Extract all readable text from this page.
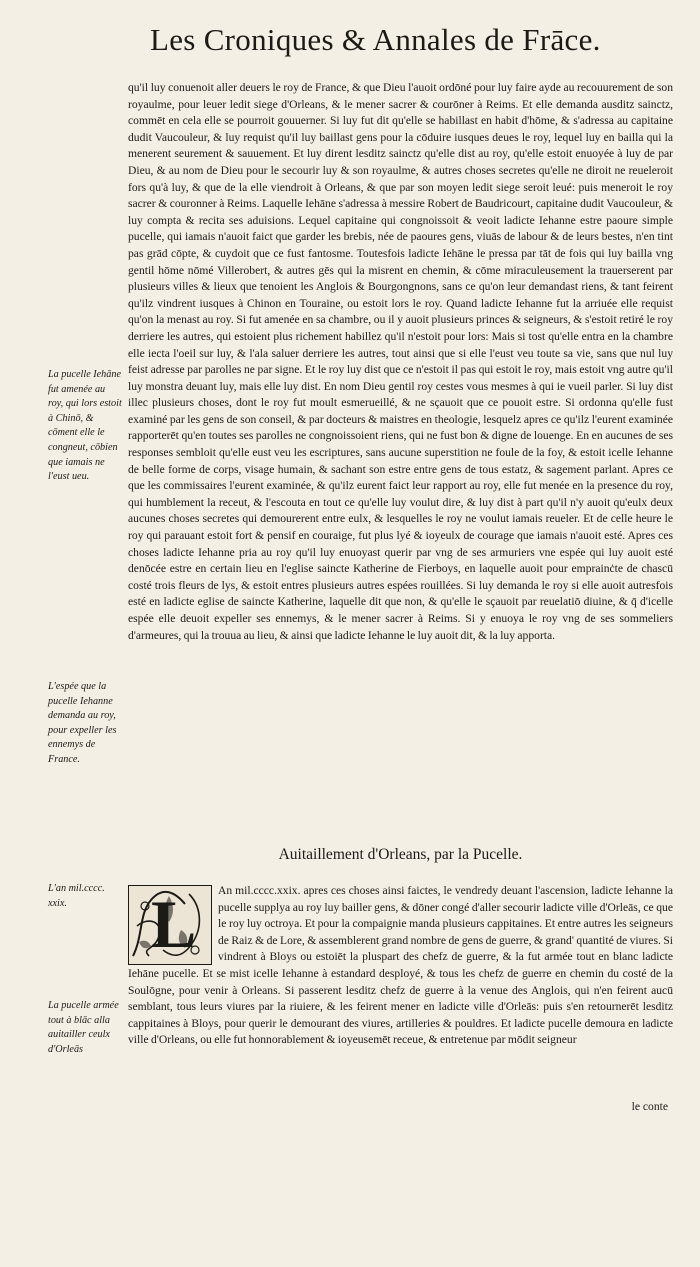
Les Croniques & Annales de Frāce.

qu'il luy conuenoit aller deuers le roy de France, & que Dieu l'auoit ordōné pour luy faire ayde au recouurement de son royaulme, pour leuer ledit siege d'Orleans, & le mener sacrer & courōner à Reims. Et elle demanda ausditz sainctz, commēt en cela elle se pourroit gouuerner. Si luy fut dit qu'elle se habillast en habit d'hōme, & s'adressa au capitaine dudit Vaucouleur, & luy requist qu'il luy baillast gens pour la cōduire iusques deues le roy, lequel luy en bailla qui la menerent seurement & sauuement. Et luy dirent lesditz sainctz qu'elle dist au roy, qu'elle estoit enuoyée à luy de par Dieu, & au nom de Dieu pour le secourir luy & son royaulme, & autres choses secretes qu'elle ne diroit ne reueleroit fors qu'à luy, & que de la elle viendroit à Orleans, & que par son moyen ledit siege seroit leué: puis meneroit le roy sacrer & couronner à Reims. Laquelle Iehāne s'adressa à messire Robert de Baudricourt, capitaine dudit Vaucouleur, & luy compta & recita ses aduisions. Lequel capitaine qui congnoissoit & veoit ladicte Iehanne estre paoure simple pucelle, qui iamais n'auoit faict que garder les brebis, née de paoures gens, viuās de labour & de leurs bestes, n'en tint pas grād cōpte, & cuydoit que ce fust fantosme. Toutesfois ladicte Iehāne le pressa par tāt de fois qui luy bailla vng gentil hōme nōmé Villerobert, & autres gēs qui la misrent en chemin, & cōme miraculeusement la trauerserent par plusieurs villes & lieux que tenoient les Anglois & Bourgongnons, sans ce qu'on leur demandast riens, & tant feirent qu'ilz vindrent iusques à Chinon en Touraine, ou estoit lors le roy. Quand ladicte Iehanne fut la arriuée elle requist qu'on la menast au roy. Si fut amenée en sa chambre, ou il y auoit plusieurs princes & seigneurs, & s'estoit retiré le roy derriere les autres, qui estoient plus richement habillez qu'il n'estoit pour lors: Mais si tost qu'elle entra en la chambre elle iecta l'oeil sur luy, & l'ala saluer derriere les autres, tout ainsi que si elle l'eust veu toute sa vie, sans que nul luy feist adresse par parolles ne par signe. Et le roy luy dist que ce n'estoit il pas qui estoit le roy, mais estoit vng autre qu'il luy monstra deuant luy, mais elle luy dist. En nom Dieu gentil roy cestes vous mesmes à qui ie vueil parler. Si luy dist illec plusieurs choses, dont le roy fut moult esmerueillé, & ne sçauoit que ce pouoit estre. Si ordonna qu'elle fust examiné par les gens de son conseil, & par docteurs & maistres en theologie, lesquelz apres ce qu'ilz l'eurent examinée rapporterēt qu'en toutes ses parolles ne congnoissoient riens, qui ne fust bon & digne de louenge. En en aucunes de ses responses sembloit qu'elle eust veu les escriptures, sans aucune superstition ne foule de la foy, & estoit icelle Iehanne de belle forme de corps, visage humain, & sachant son estre entre gens de tous estatz, & sagement parlant. Apres ce que les commissaires l'eurent examinée, & qu'ilz eurent faict leur rapport au roy, elle fut menée en la presence du roy, qui humblement la receut, & l'escouta en tout ce qu'elle luy voulut dire, & luy dist à part qu'il n'y auoit qu'eulx deux aucunes choses secretes qui demourerent entre eulx, & lesquelles le roy ne voulut iamais reueler. Et de celle heure le roy qui parauant estoit fort & pensif en couraige, fut plus lyé & ioyeulx de courage que iamais n'auoit esté. Apres ces choses ladicte Iehanne pria au roy qu'il luy enuoyast querir par vng de ses armuriers vne espée qui luy auoit esté denōcée estre en certain lieu en l'eglise saincte Katherine de Fierboys, en laquelle auoit pour emprainċte de chascū costé trois fleurs de lys, & estoit entres plusieurs autres espées rouillées. Si luy demanda le roy si elle auoit autresfois esté en ladicte eglise de saincte Katherine, laquelle dit que non, & qu'elle le sçauoit par reuelatiō diuine, & q̄ d'icelle espée elle deuoit expeller ses ennemys, & le mener sacrer à Reims. Si y enuoya le roy vng de ses sommeliers d'armeures, qui la trouua au lieu, & ainsi que ladicte Iehanne le luy auoit dit, & la luy apporta.

La pucelle Iehāne fut amenée au roy, qui lors estoit à Chinō, & cōment elle le congneut, cōbien que iamais ne l'eust ueu.
L'espée que la pucelle Iehanne demanda au roy, pour expeller les ennemys de France.
Auitaillement d'Orleans, par la Pucelle.
L'an mil.cccc. xxix.
La pucelle armée tout à blāc alla auitailler ceulx d'Orleās
L	An mil.cccc.xxix. apres ces choses ainsi faictes, le vendredy deuant l'ascension, ladicte Iehanne la pucelle supplya au roy luy bailler gens, & dōner congé d'aller secourir ladicte ville d'Orleās, ce que le roy luy octroya. Et pour la compaignie manda plusieurs cappitaines. Et entre autres les seigneurs de Raiz & de Lore, & assemblerent grand nombre de gens de guerre, & grand' quantité de viures. Si vindrent à Bloys ou estoiēt la pluspart des chefz de guerre, & la fut armée tout en blanc ladicte Iehāne pucelle. Et se mist icelle Iehanne à estandard desployé, & tous les chefz de guerre en chemin du costé de la Soulōgne, pour venir à Orleans. Si passerent lesditz chefz de guerre à la venue des Anglois, qui n'en feirent aucū semblant, tous leurs viures par la riuiere, & les feirent mener en ladicte ville d'Orleās: puis s'en retournerēt lesditz cappitaines à Bloys, pour querir le demourant des viures, artilleries & pouldres. Et ladicte pucelle demoura en ladicte ville d'Orleans, ou elle fut honnorablement & ioyeusemēt receue, & entretenue par mōdit seigneur

le conte
